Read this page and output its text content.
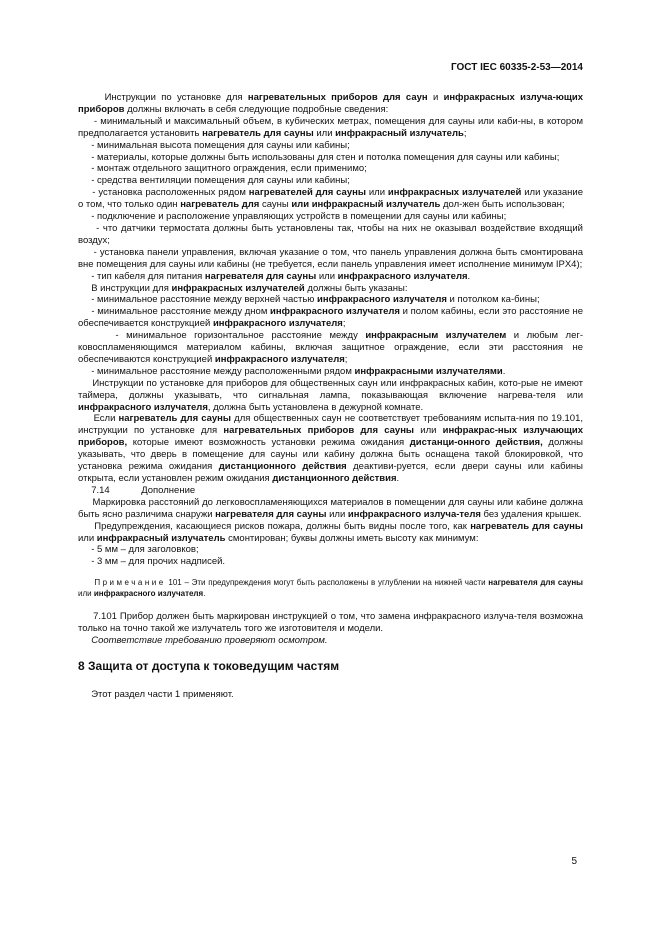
ГОСТ IEC 60335-2-53—2014

Инструкции по установке для нагревательных приборов для саун и инфракрасных излуча-ющих приборов должны включать в себя следующие подробные сведения:

- минимальный и максимальный объем, в кубических метрах, помещения для сауны или каби-ны, в котором предполагается установить нагреватель для сауны или инфракрасный излучатель;

- минимальная высота помещения для сауны или кабины;

- материалы, которые должны быть использованы для стен и потолка помещения для сауны или кабины;

- монтаж отдельного защитного ограждения, если применимо;

- средства вентиляции помещения для сауны или кабины;

- установка расположенных рядом нагревателей для сауны или инфракрасных излучателей или указание о том, что только один нагреватель для сауны или инфракрасный излучатель дол-жен быть использован;

- подключение и расположение управляющих устройств в помещении для сауны или кабины;

- что датчики термостата должны быть установлены так, чтобы на них не оказывал воздействие входящий воздух;

- установка панели управления, включая указание о том, что панель управления должна быть смонтирована вне помещения для сауны или кабины (не требуется, если панель управления имеет исполнение минимум IPX4);

- тип кабеля для питания нагревателя для сауны или инфракрасного излучателя.

В инструкции для инфракрасных излучателей должны быть указаны:

- минимальное расстояние между верхней частью инфракрасного излучателя и потолком ка-бины;

- минимальное расстояние между дном инфракрасного излучателя и полом кабины, если это расстояние не обеспечивается конструкцией инфракрасного излучателя;

- минимальное горизонтальное расстояние между инфракрасным излучателем и любым лег-ковоспламеняющимся материалом кабины, включая защитное ограждение, если эти расстояния не обеспечиваются конструкцией инфракрасного излучателя;

- минимальное расстояние между расположенными рядом инфракрасными излучателями.

Инструкции по установке для приборов для общественных саун или инфракрасных кабин, кото-рые не имеют таймера, должны указывать, что сигнальная лампа, показывающая включение нагрева-теля или инфракрасного излучателя, должна быть установлена в дежурной комнате.

Если нагреватель для сауны для общественных саун не соответствует требованиям испыта-ния по 19.101, инструкции по установке для нагревательных приборов для сауны или инфракрас-ных излучающих приборов, которые имеют возможность установки режима ожидания дистанци-онного действия, должны указывать, что дверь в помещение для сауны или кабину должна быть оснащена такой блокировкой, что установка режима ожидания дистанционного действия деактиви-руется, если двери сауны или кабины открыта, если установлен режим ожидания дистанционного действия.

7.14	Дополнение

Маркировка расстояний до легковоспламеняющихся материалов в помещении для сауны или кабине должна быть ясно различима снаружи нагревателя для сауны или инфракрасного излуча-теля без удаления крышек.

Предупреждения, касающиеся рисков пожара, должны быть видны после того, как нагреватель для сауны или инфракрасный излучатель смонтирован; буквы должны иметь высоту как минимум:

- 5 мм – для заголовков;

- 3 мм – для прочих надписей.

Примечание 101 – Эти предупреждения могут быть расположены в углублении на нижней части нагревателя для сауны или инфракрасного излучателя.

7.101 Прибор должен быть маркирован инструкцией о том, что замена инфракрасного излуча-теля возможна только на точно такой же излучатель того же изготовителя и модели.

Соответствие требованию проверяют осмотром.

8 Защита от доступа к токоведущим частям

Этот раздел части 1 применяют.

5
